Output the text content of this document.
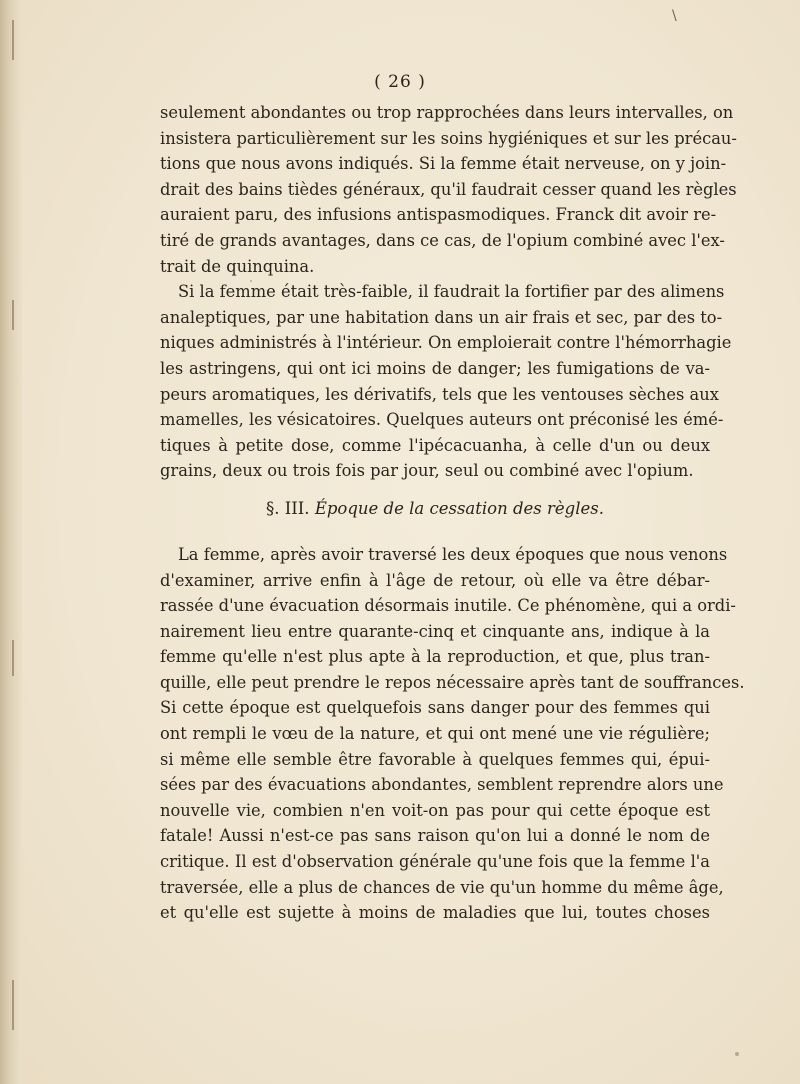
\
( 26 )
seulement abondantes ou trop rapprochées dans leurs intervalles, on
insistera particulièrement sur les soins hygiéniques et sur les précau-
tions que nous avons indiqués. Si la femme était nerveuse, on y join-
drait des bains tièdes généraux, qu'il faudrait cesser quand les règles
auraient paru, des infusions antispasmodiques. Franck dit avoir re-
tiré de grands avantages, dans ce cas, de l'opium combiné avec l'ex-
trait de quinquina.
Si la femme était très-faible, il faudrait la fortifier par des alimens
analeptiques, par une habitation dans un air frais et sec, par des to-
niques administrés à l'intérieur. On emploierait contre l'hémorrhagie
les astringens, qui ont ici moins de danger; les fumigations de va-
peurs aromatiques, les dérivatifs, tels que les ventouses sèches aux
mamelles, les vésicatoires. Quelques auteurs ont préconisé les émé-
tiques à petite dose, comme l'ipécacuanha, à celle d'un ou deux
grains, deux ou trois fois par jour, seul ou combiné avec l'opium.
§. III. Époque de la cessation des règles.
La femme, après avoir traversé les deux époques que nous venons
d'examiner, arrive enfin à l'âge de retour, où elle va être débar-
rassée d'une évacuation désormais inutile. Ce phénomène, qui a ordi-
nairement lieu entre quarante-cinq et cinquante ans, indique à la
femme qu'elle n'est plus apte à la reproduction, et que, plus tran-
quille, elle peut prendre le repos nécessaire après tant de souffrances.
Si cette époque est quelquefois sans danger pour des femmes qui
ont rempli le vœu de la nature, et qui ont mené une vie régulière;
si même elle semble être favorable à quelques femmes qui, épui-
sées par des évacuations abondantes, semblent reprendre alors une
nouvelle vie, combien n'en voit-on pas pour qui cette époque est
fatale! Aussi n'est-ce pas sans raison qu'on lui a donné le nom de
critique. Il est d'observation générale qu'une fois que la femme l'a
traversée, elle a plus de chances de vie qu'un homme du même âge,
et qu'elle est sujette à moins de maladies que lui, toutes choses
